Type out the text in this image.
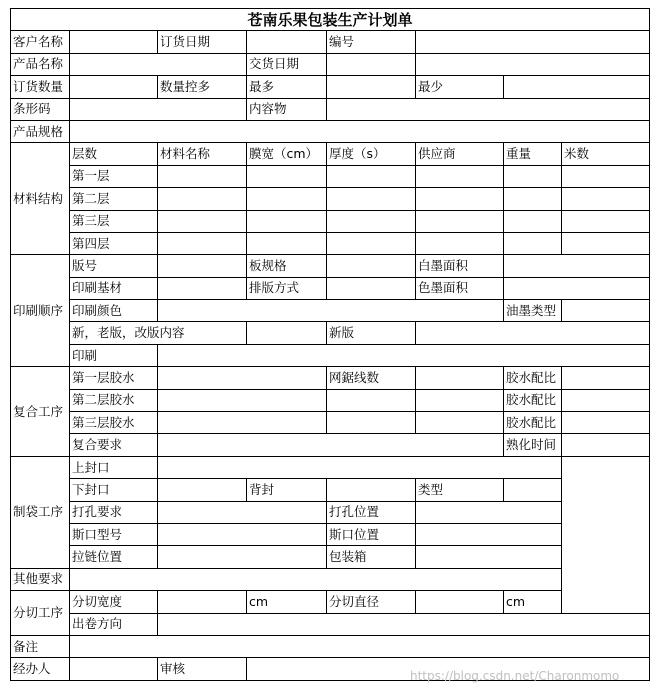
苍南乐果包装生产计划单							
客户名称		订货日期		编号			
产品名称			交货日期				
订货数量		数量控多	最多		最少		
条形码			内容物				
产品规格							
材料结构	层数	材料名称	膜宽（cm）	厚度（s）	供应商	重量	米数
	第一层						
	第二层						
	第三层						
	第四层						
印刷顺序	版号		板规格		白墨面积		
	印刷基材		排版方式		色墨面积		
	印刷颜色					油墨类型	
	新，老版，改版内容			新版			
	印刷						
复合工序	第一层胶水			网鋸线数		胶水配比	
	第二层胶水					胶水配比	
	第三层胶水					胶水配比	
	复合要求					熟化时间	
制袋工序	上封口						
	下封口		背封		类型		
	打孔要求			打孔位置			
	斯口型号			斯口位置			
	拉链位置			包装箱			
其他要求							
分切工序	分切宽度		cm	分切直径		cm	
	出卷方向						
备注							
经办人		审核						https://blog.csdn.net/Charonmomo
